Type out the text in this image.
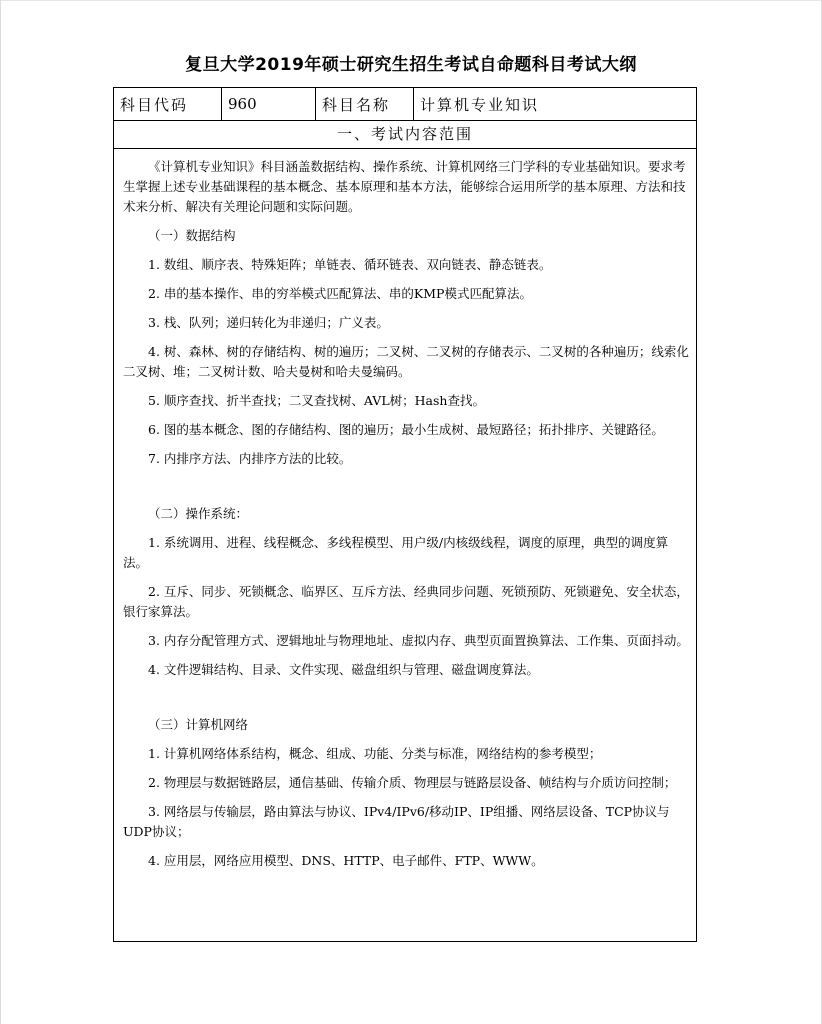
复旦大学2019年硕士研究生招生考试自命题科目考试大纲
科目代码	960	科目名称	计算机专业知识
一、考试内容范围

《计算机专业知识》科目涵盖数据结构、操作系统、计算机网络三门学科的专业基础知识。要求考生掌握上述专业基础课程的基本概念、基本原理和基本方法，能够综合运用所学的基本原理、方法和技术来分析、解决有关理论问题和实际问题。

（一）数据结构

1. 数组、顺序表、特殊矩阵；单链表、循环链表、双向链表、静态链表。

2. 串的基本操作、串的穷举模式匹配算法、串的KMP模式匹配算法。

3. 栈、队列；递归转化为非递归；广义表。

4. 树、森林、树的存储结构、树的遍历；二叉树、二叉树的存储表示、二叉树的各种遍历；线索化二叉树、堆；二叉树计数、哈夫曼树和哈夫曼编码。

5. 顺序查找、折半查找；二叉查找树、AVL树；Hash查找。

6. 图的基本概念、图的存储结构、图的遍历；最小生成树、最短路径；拓扑排序、关键路径。

7. 内排序方法、内排序方法的比较。

（二）操作系统：

1. 系统调用、进程、线程概念、多线程模型、用户级/内核级线程，调度的原理，典型的调度算法。

2. 互斥、同步、死锁概念、临界区、互斥方法、经典同步问题、死锁预防、死锁避免、安全状态，银行家算法。

3. 内存分配管理方式、逻辑地址与物理地址、虚拟内存、典型页面置换算法、工作集、页面抖动。

4. 文件逻辑结构、目录、文件实现、磁盘组织与管理、磁盘调度算法。

（三）计算机网络

1. 计算机网络体系结构，概念、组成、功能、分类与标准，网络结构的参考模型；

2. 物理层与数据链路层，通信基础、传输介质、物理层与链路层设备、帧结构与介质访问控制；

3. 网络层与传输层，路由算法与协议、IPv4/IPv6/移动IP、IP组播、网络层设备、TCP协议与UDP协议；

4. 应用层，网络应用模型、DNS、HTTP、电子邮件、FTP、WWW。
